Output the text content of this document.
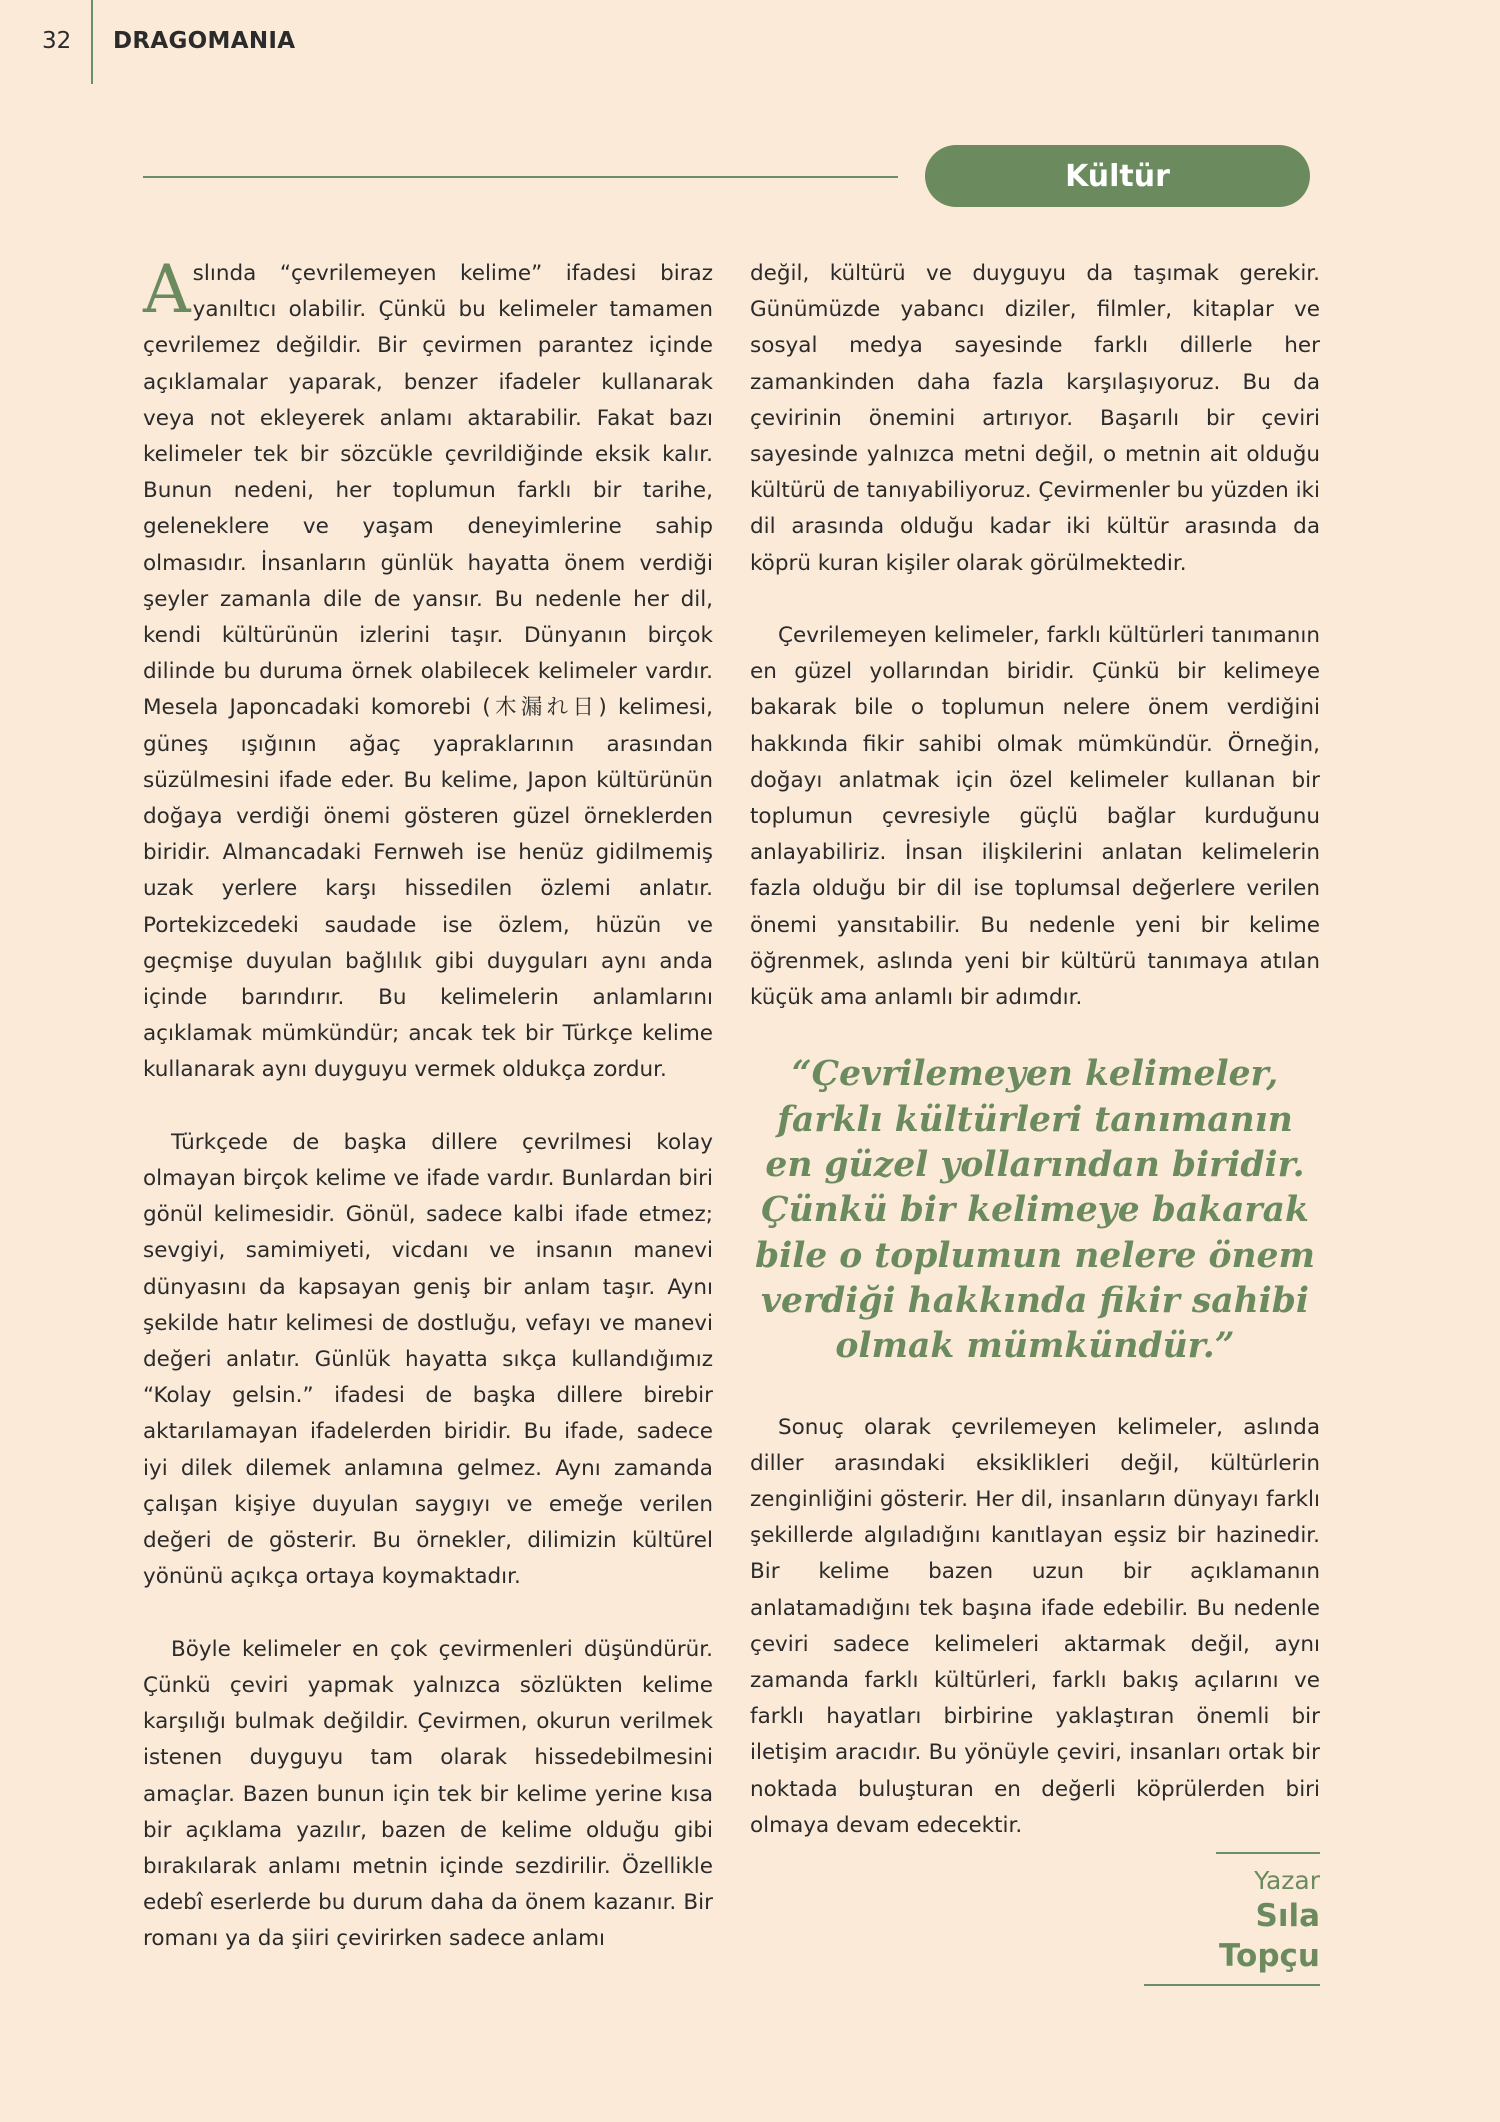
32 DRAGOMANIA
Kültür

Aslında “çevrilemeyen kelime” ifadesi biraz yanıltıcı olabilir. Çünkü bu kelimeler tamamen çevrilemez değildir. Bir çevirmen parantez içinde açıklamalar yaparak, benzer ifadeler kullanarak veya not ekleyerek anlamı aktarabilir. Fakat bazı kelimeler tek bir sözcükle çevrildiğinde eksik kalır. Bunun nedeni, her toplumun farklı bir tarihe, geleneklere ve yaşam deneyimlerine sahip olmasıdır. İnsanların günlük hayatta önem verdiği şeyler zamanla dile de yansır. Bu nedenle her dil, kendi kültürünün izlerini taşır. Dünyanın birçok dilinde bu duruma örnek olabilecek kelimeler vardır. Mesela Japoncadaki komorebi (木漏れ日) kelimesi, güneş ışığının ağaç yapraklarının arasından süzülmesini ifade eder. Bu kelime, Japon kültürünün doğaya verdiği önemi gösteren güzel örneklerden biridir. Almancadaki Fernweh ise henüz gidilmemiş uzak yerlere karşı hissedilen özlemi anlatır. Portekizcedeki saudade ise özlem, hüzün ve geçmişe duyulan bağlılık gibi duyguları aynı anda içinde barındırır. Bu kelimelerin anlamlarını açıklamak mümkündür; ancak tek bir Türkçe kelime kullanarak aynı duyguyu vermek oldukça zordur.

Türkçede de başka dillere çevrilmesi kolay olmayan birçok kelime ve ifade vardır. Bunlardan biri gönül kelimesidir. Gönül, sadece kalbi ifade etmez; sevgiyi, samimiyeti, vicdanı ve insanın manevi dünyasını da kapsayan geniş bir anlam taşır. Aynı şekilde hatır kelimesi de dostluğu, vefayı ve manevi değeri anlatır. Günlük hayatta sıkça kullandığımız “Kolay gelsin.” ifadesi de başka dillere birebir aktarılamayan ifadelerden biridir. Bu ifade, sadece iyi dilek dilemek anlamına gelmez. Aynı zamanda çalışan kişiye duyulan saygıyı ve emeğe verilen değeri de gösterir. Bu örnekler, dilimizin kültürel yönünü açıkça ortaya koymaktadır.

Böyle kelimeler en çok çevirmenleri düşündürür. Çünkü çeviri yapmak yalnızca sözlükten kelime karşılığı bulmak değildir. Çevirmen, okurun verilmek istenen duyguyu tam olarak hissedebilmesini amaçlar. Bazen bunun için tek bir kelime yerine kısa bir açıklama yazılır, bazen de kelime olduğu gibi bırakılarak anlamı metnin içinde sezdirilir. Özellikle edebî eserlerde bu durum daha da önem kazanır. Bir romanı ya da şiiri çevirirken sadece anlamı

değil, kültürü ve duyguyu da taşımak gerekir. Günümüzde yabancı diziler, filmler, kitaplar ve sosyal medya sayesinde farklı dillerle her zamankinden daha fazla karşılaşıyoruz. Bu da çevirinin önemini artırıyor. Başarılı bir çeviri sayesinde yalnızca metni değil, o metnin ait olduğu kültürü de tanıyabiliyoruz. Çevirmenler bu yüzden iki dil arasında olduğu kadar iki kültür arasında da köprü kuran kişiler olarak görülmektedir.

Çevrilemeyen kelimeler, farklı kültürleri tanımanın en güzel yollarından biridir. Çünkü bir kelimeye bakarak bile o toplumun nelere önem verdiğini hakkında fikir sahibi olmak mümkündür. Örneğin, doğayı anlatmak için özel kelimeler kullanan bir toplumun çevresiyle güçlü bağlar kurduğunu anlayabiliriz. İnsan ilişkilerini anlatan kelimelerin fazla olduğu bir dil ise toplumsal değerlere verilen önemi yansıtabilir. Bu nedenle yeni bir kelime öğrenmek, aslında yeni bir kültürü tanımaya atılan küçük ama anlamlı bir adımdır.

“Çevrilemeyen kelimeler, farklı kültürleri tanımanın en güzel yollarından biridir. Çünkü bir kelimeye bakarak bile o toplumun nelere önem verdiği hakkında fikir sahibi olmak mümkündür.”

Sonuç olarak çevrilemeyen kelimeler, aslında diller arasındaki eksiklikleri değil, kültürlerin zenginliğini gösterir. Her dil, insanların dünyayı farklı şekillerde algıladığını kanıtlayan eşsiz bir hazinedir. Bir kelime bazen uzun bir açıklamanın anlatamadığını tek başına ifade edebilir. Bu nedenle çeviri sadece kelimeleri aktarmak değil, aynı zamanda farklı kültürleri, farklı bakış açılarını ve farklı hayatları birbirine yaklaştıran önemli bir iletişim aracıdır. Bu yönüyle çeviri, insanları ortak bir noktada buluşturan en değerli köprülerden biri olmaya devam edecektir.

Yazar
Sıla Topçu
